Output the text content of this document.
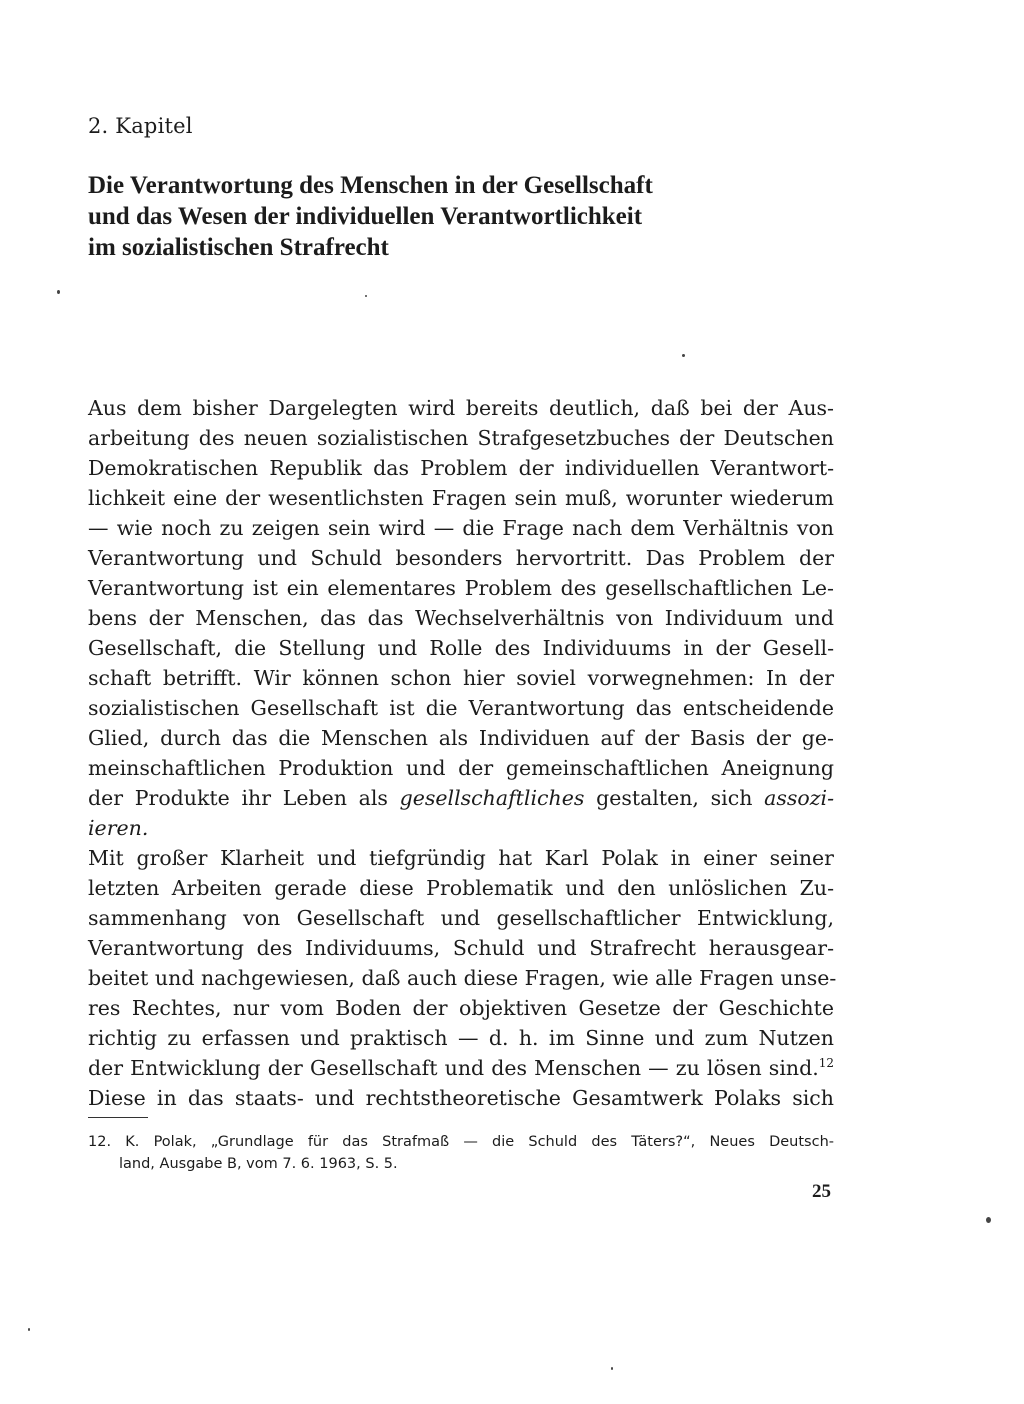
2. Kapitel
Die Verantwortung des Menschen in der Gesellschaft
und das Wesen der individuellen Verantwortlichkeit
im sozialistischen Strafrecht
Aus dem bisher Dargelegten wird bereits deutlich, daß bei der Aus-
arbeitung des neuen sozialistischen Strafgesetzbuches der Deutschen
Demokratischen Republik das Problem der individuellen Verantwort-
lichkeit eine der wesentlichsten Fragen sein muß, worunter wiederum
— wie noch zu zeigen sein wird — die Frage nach dem Verhältnis von
Verantwortung und Schuld besonders hervortritt. Das Problem der
Verantwortung ist ein elementares Problem des gesellschaftlichen Le-
bens der Menschen, das das Wechselverhältnis von Individuum und
Gesellschaft, die Stellung und Rolle des Individuums in der Gesell-
schaft betrifft. Wir können schon hier soviel vorwegnehmen: In der
sozialistischen Gesellschaft ist die Verantwortung das entscheidende
Glied, durch das die Menschen als Individuen auf der Basis der ge-
meinschaftlichen Produktion und der gemeinschaftlichen Aneignung
der Produkte ihr Leben als gesellschaftliches gestalten, sich assozi-
ieren.
Mit großer Klarheit und tiefgründig hat Karl Polak in einer seiner
letzten Arbeiten gerade diese Problematik und den unlöslichen Zu-
sammenhang von Gesellschaft und gesellschaftlicher Entwicklung,
Verantwortung des Individuums, Schuld und Strafrecht herausgear-
beitet und nachgewiesen, daß auch diese Fragen, wie alle Fragen unse-
res Rechtes, nur vom Boden der objektiven Gesetze der Geschichte
richtig zu erfassen und praktisch — d. h. im Sinne und zum Nutzen
der Entwicklung der Gesellschaft und des Menschen — zu lösen sind.$^{12}$
Diese in das staats- und rechtstheoretische Gesamtwerk Polaks sich
12. K. Polak, „Grundlage für das Strafmaß — die Schuld des Täters?“, Neues Deutsch-
land, Ausgabe B, vom 7. 6. 1963, S. 5.
25
